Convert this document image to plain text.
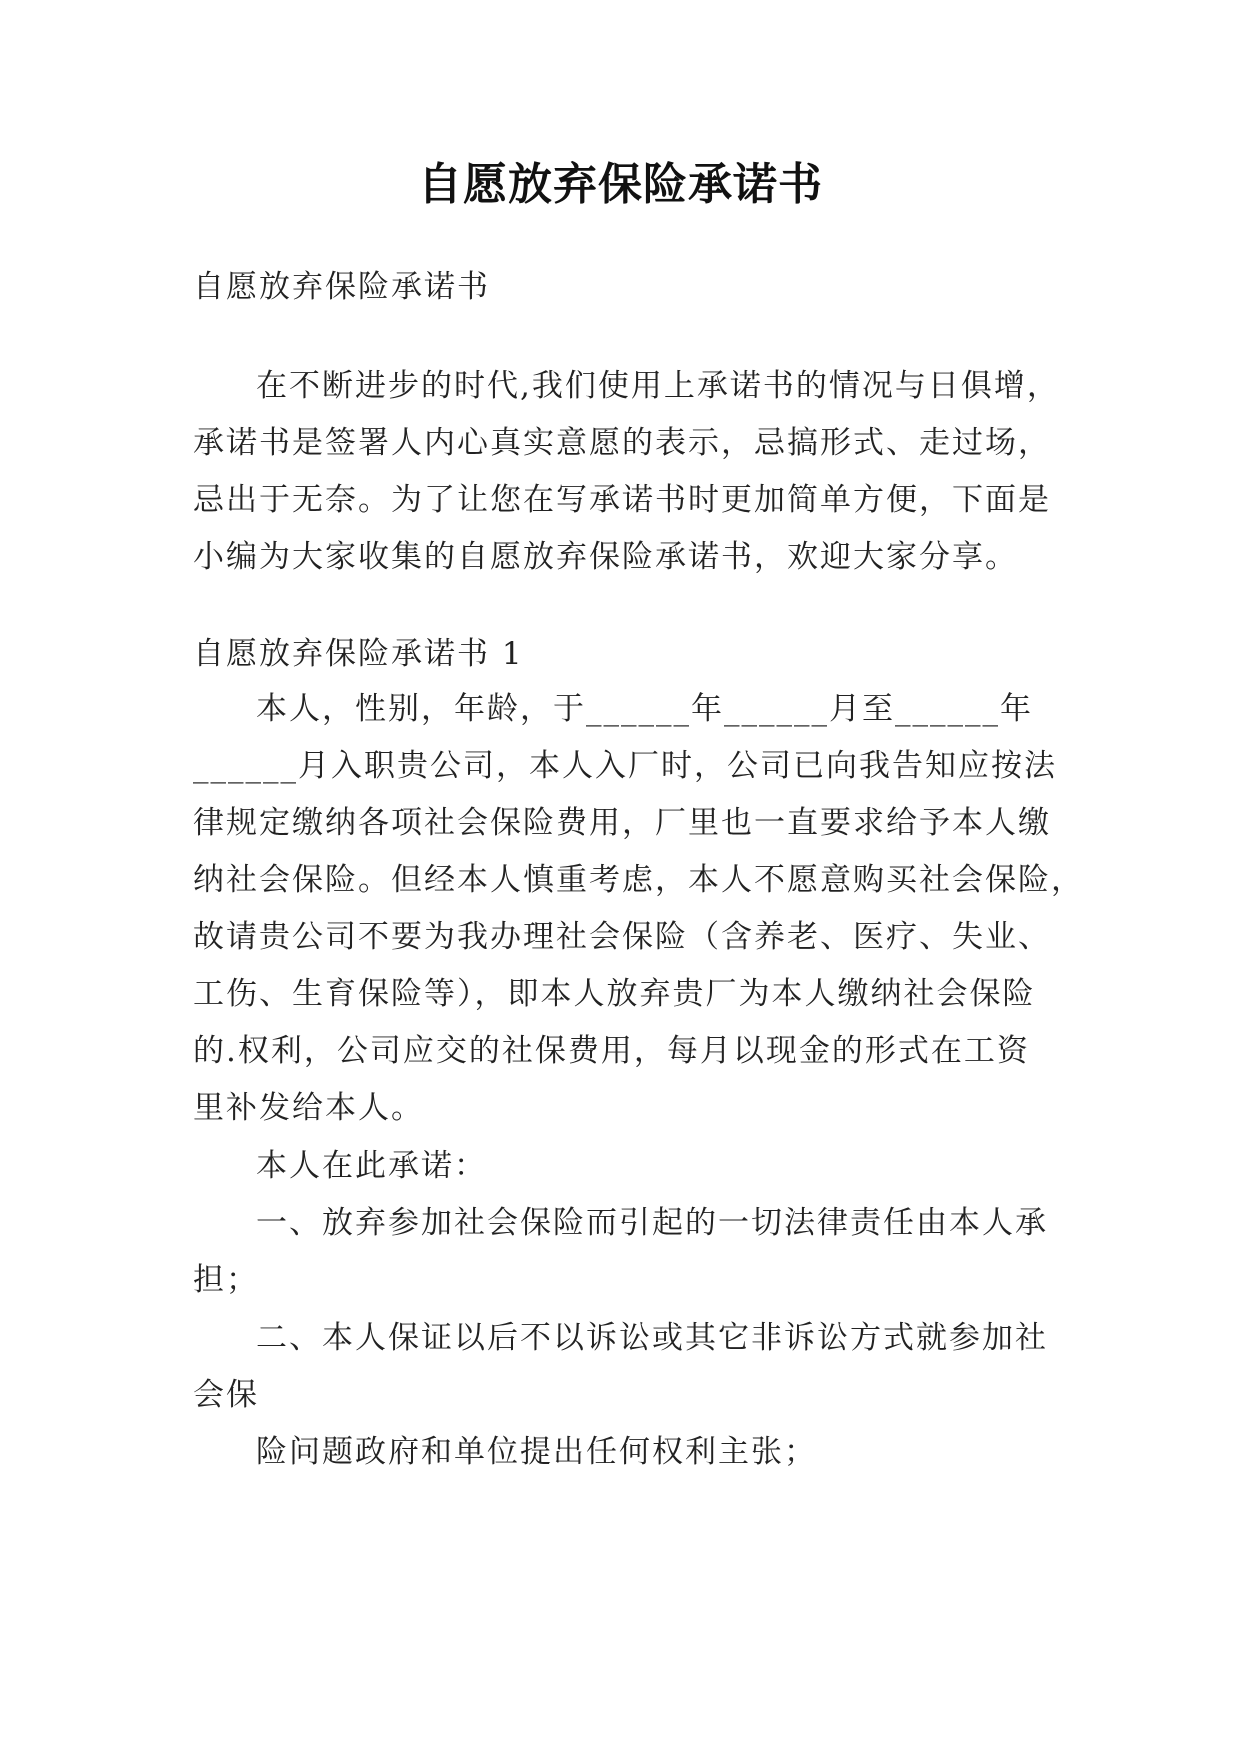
自愿放弃保险承诺书
自愿放弃保险承诺书
在不断进步的时代,我们使用上承诺书的情况与日俱增，
承诺书是签署人内心真实意愿的表示，忌搞形式、走过场，
忌出于无奈。为了让您在写承诺书时更加简单方便，下面是
小编为大家收集的自愿放弃保险承诺书，欢迎大家分享。
自愿放弃保险承诺书 1
本人，性别，年龄，于______年______月至______年
______月入职贵公司，本人入厂时，公司已向我告知应按法
律规定缴纳各项社会保险费用，厂里也一直要求给予本人缴
纳社会保险。但经本人慎重考虑，本人不愿意购买社会保险，
故请贵公司不要为我办理社会保险（含养老、医疗、失业、
工伤、生育保险等），即本人放弃贵厂为本人缴纳社会保险
的.权利，公司应交的社保费用，每月以现金的形式在工资
里补发给本人。
本人在此承诺：
一、放弃参加社会保险而引起的一切法律责任由本人承
担；
二、本人保证以后不以诉讼或其它非诉讼方式就参加社
会保
险问题政府和单位提出任何权利主张；
